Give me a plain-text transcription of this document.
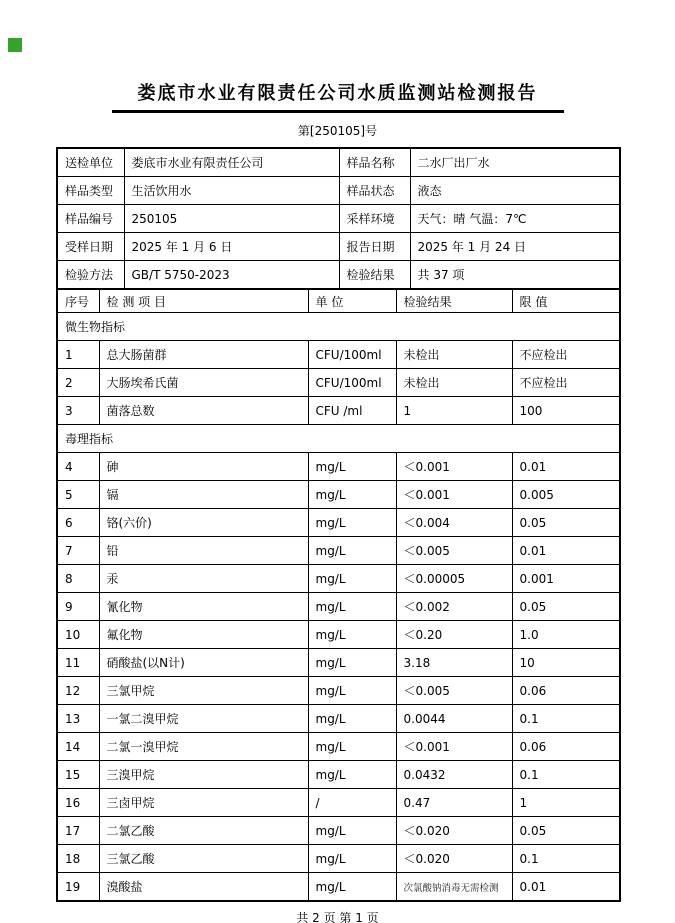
娄底市水业有限责任公司水质监测站检测报告
第[250105]号
送检单位	娄底市水业有限责任公司	样品名称	二水厂出厂水
样品类型	生活饮用水	样品状态	液态
样品编号	250105	采样环境	天气：晴 气温：7℃
受样日期	2025 年 1 月 6 日	报告日期	2025 年 1 月 24 日
检验方法	GB/T 5750-2023	检验结果	共 37 项
序号	检 测 项 目	单 位	检验结果	限 值
微生物指标				
1	总大肠菌群	CFU/100ml	未检出	不应检出
2	大肠埃希氏菌	CFU/100ml	未检出	不应检出
3	菌落总数	CFU /ml	1	100
毒理指标				
4	砷	mg/L	＜0.001	0.01
5	镉	mg/L	＜0.001	0.005
6	铬(六价)	mg/L	＜0.004	0.05
7	铅	mg/L	＜0.005	0.01
8	汞	mg/L	＜0.00005	0.001
9	氰化物	mg/L	＜0.002	0.05
10	氟化物	mg/L	＜0.20	1.0
11	硝酸盐(以N计)	mg/L	3.18	10
12	三氯甲烷	mg/L	＜0.005	0.06
13	一氯二溴甲烷	mg/L	0.0044	0.1
14	二氯一溴甲烷	mg/L	＜0.001	0.06
15	三溴甲烷	mg/L	0.0432	0.1
16	三卤甲烷	/	0.47	1
17	二氯乙酸	mg/L	＜0.020	0.05
18	三氯乙酸	mg/L	＜0.020	0.1
19	溴酸盐	mg/L	次氯酸钠消毒无需检测	0.01
共 2 页 第 1 页
